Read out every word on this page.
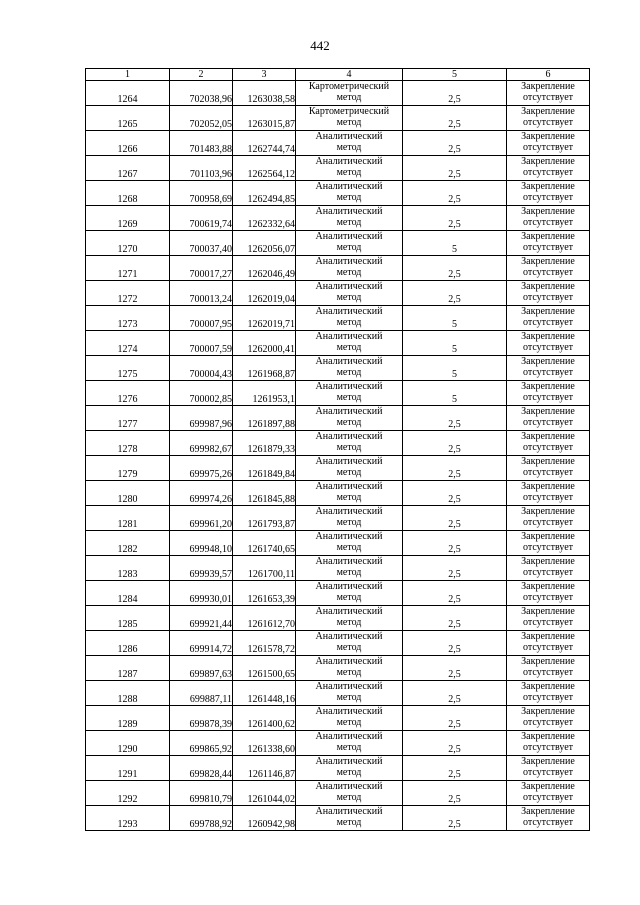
442
1	2	3	4	5	6
1264	702038,96	1263038,58	Картометрический
метод	2,5	Закрепление
отсутствует

1265	702052,05	1263015,87	Картометрический
метод	2,5	Закрепление
отсутствует

1266	701483,88	1262744,74	Аналитический
метод	2,5	Закрепление
отсутствует

1267	701103,96	1262564,12	Аналитический
метод	2,5	Закрепление
отсутствует

1268	700958,69	1262494,85	Аналитический
метод	2,5	Закрепление
отсутствует

1269	700619,74	1262332,64	Аналитический
метод	2,5	Закрепление
отсутствует

1270	700037,40	1262056,07	Аналитический
метод	5	Закрепление
отсутствует

1271	700017,27	1262046,49	Аналитический
метод	2,5	Закрепление
отсутствует

1272	700013,24	1262019,04	Аналитический
метод	2,5	Закрепление
отсутствует

1273	700007,95	1262019,71	Аналитический
метод	5	Закрепление
отсутствует

1274	700007,59	1262000,41	Аналитический
метод	5	Закрепление
отсутствует

1275	700004,43	1261968,87	Аналитический
метод	5	Закрепление
отсутствует

1276	700002,85	1261953,1	Аналитический
метод	5	Закрепление
отсутствует

1277	699987,96	1261897,88	Аналитический
метод	2,5	Закрепление
отсутствует

1278	699982,67	1261879,33	Аналитический
метод	2,5	Закрепление
отсутствует

1279	699975,26	1261849,84	Аналитический
метод	2,5	Закрепление
отсутствует

1280	699974,26	1261845,88	Аналитический
метод	2,5	Закрепление
отсутствует

1281	699961,20	1261793,87	Аналитический
метод	2,5	Закрепление
отсутствует

1282	699948,10	1261740,65	Аналитический
метод	2,5	Закрепление
отсутствует

1283	699939,57	1261700,11	Аналитический
метод	2,5	Закрепление
отсутствует

1284	699930,01	1261653,39	Аналитический
метод	2,5	Закрепление
отсутствует

1285	699921,44	1261612,70	Аналитический
метод	2,5	Закрепление
отсутствует

1286	699914,72	1261578,72	Аналитический
метод	2,5	Закрепление
отсутствует

1287	699897,63	1261500,65	Аналитический
метод	2,5	Закрепление
отсутствует

1288	699887,11	1261448,16	Аналитический
метод	2,5	Закрепление
отсутствует

1289	699878,39	1261400,62	Аналитический
метод	2,5	Закрепление
отсутствует

1290	699865,92	1261338,60	Аналитический
метод	2,5	Закрепление
отсутствует

1291	699828,44	1261146,87	Аналитический
метод	2,5	Закрепление
отсутствует

1292	699810,79	1261044,02	Аналитический
метод	2,5	Закрепление
отсутствует

1293	699788,92	1260942,98	Аналитический
метод	2,5	Закрепление
отсутствует
